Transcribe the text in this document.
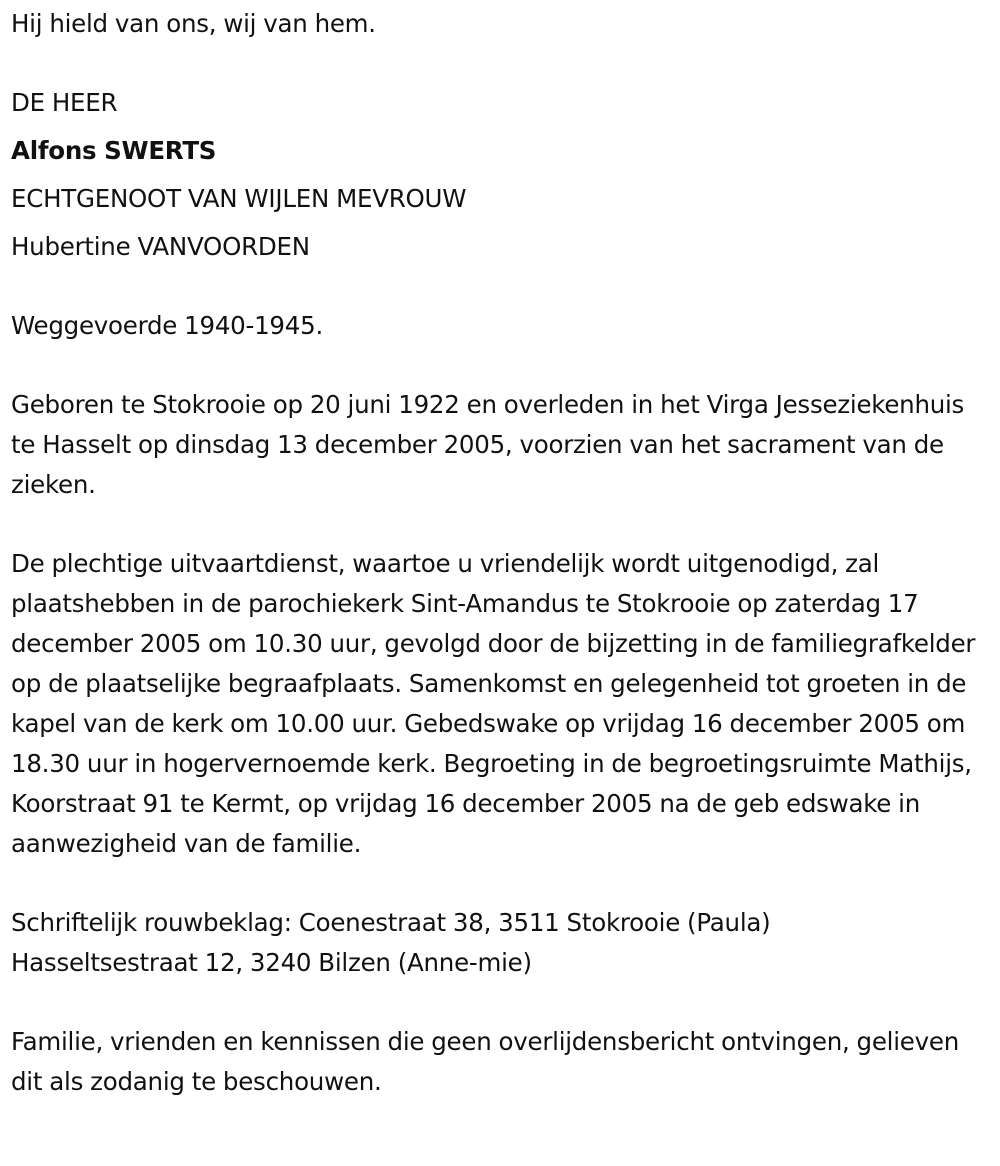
Hij hield van ons, wij van hem.

DE HEER

Alfons SWERTS

ECHTGENOOT VAN WIJLEN MEVROUW

Hubertine VANVOORDEN

Weggevoerde 1940-1945.

Geboren te Stokrooie op 20 juni 1922 en overleden in het Virga Jesseziekenhuis te Hasselt op dinsdag 13 december 2005, voorzien van het sacrament van de zieken.

De plechtige uitvaartdienst, waartoe u vriendelijk wordt uitgenodigd, zal plaatshebben in de parochiekerk Sint-Amandus te Stokrooie op zaterdag 17 december 2005 om 10.30 uur, gevolgd door de bijzetting in de familiegrafkelder op de plaatselijke begraafplaats. Samenkomst en gelegenheid tot groeten in de kapel van de kerk om 10.00 uur. Gebedswake op vrijdag 16 december 2005 om 18.30 uur in hogervernoemde kerk. Begroeting in de begroetingsruimte Mathijs, Koorstraat 91 te Kermt, op vrijdag 16 december 2005 na de geb edswake in aanwezigheid van de familie.

Schriftelijk rouwbeklag: Coenestraat 38, 3511 Stokrooie (Paula)

Hasseltsestraat 12, 3240 Bilzen (Anne-mie)

Familie, vrienden en kennissen die geen overlijdensbericht ontvingen, gelieven dit als zodanig te beschouwen.
